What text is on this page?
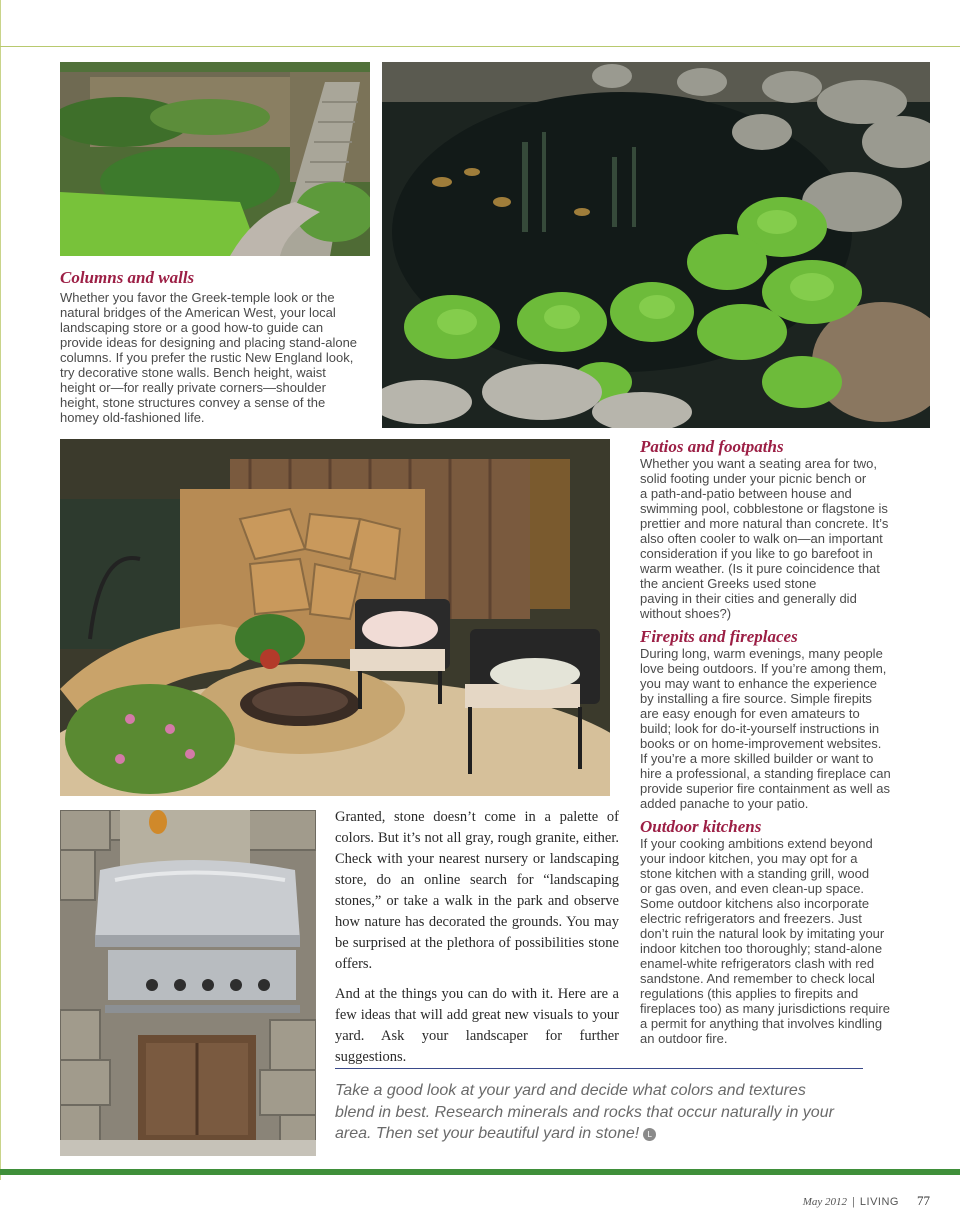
Columns and walls

Whether you favor the Greek-temple look or the
natural bridges of the American West, your local
landscaping store or a good how-to guide can
provide ideas for designing and placing stand-alone
columns. If you prefer the rustic New England look,
try decorative stone walls. Bench height, waist
height or—for really private corners—shoulder
height, stone structures convey a sense of the
homey old-fashioned life.

Patios and footpaths

Whether you want a seating area for two,
solid footing under your picnic bench or
a path-and-patio between house and
swimming pool, cobblestone or flagstone is
prettier and more natural than concrete. It’s
also often cooler to walk on—an important
consideration if you like to go barefoot in
warm weather. (Is it pure coincidence that
the ancient Greeks used stone
paving in their cities and generally did
without shoes?)

Firepits and fireplaces

During long, warm evenings, many people
love being outdoors. If you’re among them,
you may want to enhance the experience
by installing a fire source. Simple firepits
are easy enough for even amateurs to
build; look for do-it-yourself instructions in
books or on home-improvement websites.
If you’re a more skilled builder or want to
hire a professional, a standing fireplace can
provide superior fire containment as well as
added panache to your patio.

Outdoor kitchens

If your cooking ambitions extend beyond
your indoor kitchen, you may opt for a
stone kitchen with a standing grill, wood
or gas oven, and even clean-up space.
Some outdoor kitchens also incorporate
electric refrigerators and freezers. Just
don’t ruin the natural look by imitating your
indoor kitchen too thoroughly; stand-alone
enamel-white refrigerators clash with red
sandstone. And remember to check local
regulations (this applies to firepits and
fireplaces too) as many jurisdictions require
a permit for anything that involves kindling
an outdoor fire.

Granted, stone doesn’t come in a palette of colors. But it’s not all gray, rough granite, either. Check with your nearest nursery or landscaping store, do an online search for “landscaping stones,” or take a walk in the park and observe how nature has decorated the grounds. You may be surprised at the plethora of possibilities stone offers.

And at the things you can do with it. Here are a few ideas that will add great new visuals to your yard. Ask your landscaper for further suggestions.

Take a good look at your yard and decide what colors and textures
blend in best. Research minerals and rocks that occur naturally in your
area. Then set your beautiful yard in stone! L

May 2012 | LIVING 77
